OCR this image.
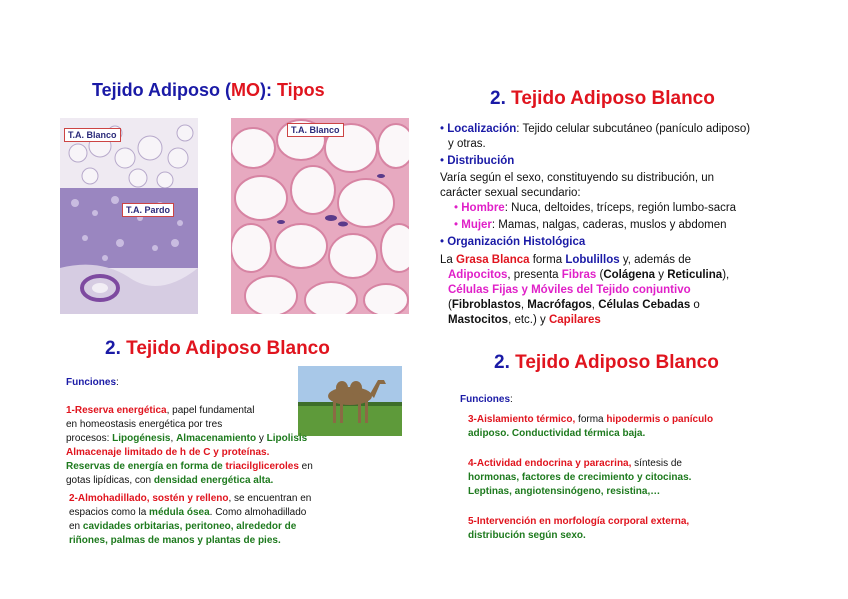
Tejido Adiposo (MO): Tipos
T.A. Blanco
T.A. Pardo
T.A. Blanco
2. Tejido Adiposo Blanco
• Localización: Tejido celular subcutáneo (panículo adiposo)
y otras.
• Distribución
Varía según el sexo, constituyendo su distribución, un
carácter sexual secundario:
• Hombre: Nuca, deltoides, tríceps, región lumbo-sacra
• Mujer: Mamas, nalgas, caderas, muslos y abdomen
• Organización Histológica
La Grasa Blanca forma Lobulillos y, además de
Adipocitos, presenta Fibras (Colágena y Reticulina),
Células Fijas y Móviles del Tejido conjuntivo
(Fibroblastos, Macrófagos, Células Cebadas o
Mastocitos, etc.) y Capilares
2. Tejido Adiposo Blanco
Funciones:
1-Reserva energética, papel fundamental
en homeostasis energética por tres
procesos: Lipogénesis, Almacenamiento y Lipolisis
Almacenaje limitado de h de C y proteínas.
Reservas de energía en forma de triacilgliceroles en
gotas lipídicas, con densidad energética alta.
2-Almohadillado, sostén y relleno, se encuentran en
espacios como la médula ósea. Como almohadillado
en cavidades orbitarias, peritoneo, alrededor de
riñones, palmas de manos y plantas de pies.
2. Tejido Adiposo Blanco
Funciones:
3-Aislamiento térmico, forma hipodermis o panículo
adiposo. Conductividad térmica baja.
4-Actividad endocrina y paracrina, síntesis de
hormonas, factores de crecimiento y citocinas.
Leptinas, angiotensinógeno, resistina,…
5-Intervención en morfología corporal externa,
distribución según sexo.
